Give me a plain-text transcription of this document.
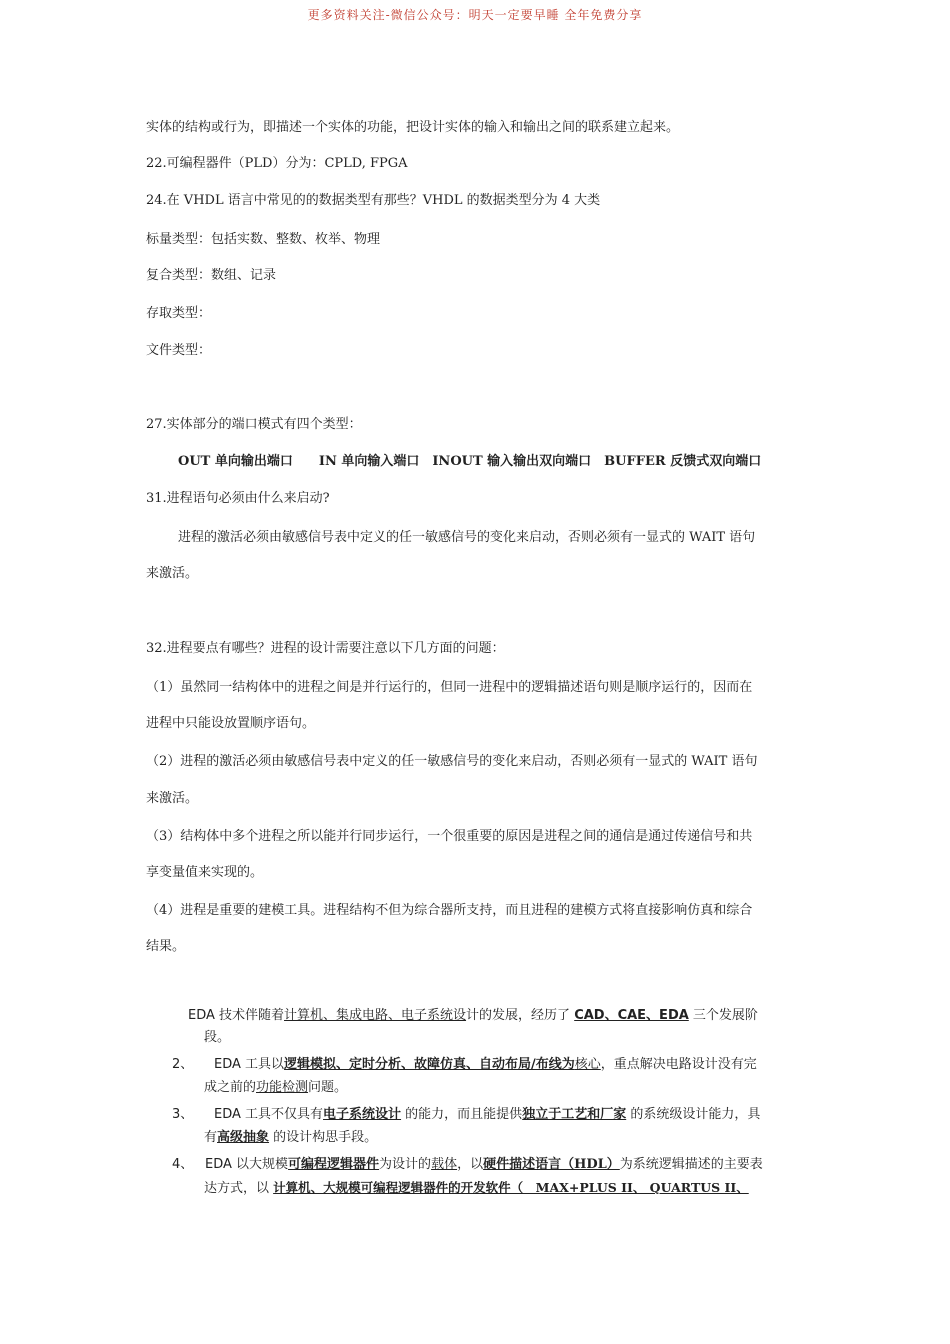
更多资料关注-微信公众号：明天一定要早睡 全年免费分享
实体的结构或行为，即描述一个实体的功能，把设计实体的输入和输出之间的联系建立起来。
22.可编程器件（PLD）分为：CPLD, FPGA
24.在 VHDL 语言中常见的的数据类型有那些？VHDL 的数据类型分为 4 大类
标量类型：包括实数、整数、枚举、物理
复合类型：数组、记录
存取类型：
文件类型：
27.实体部分的端口模式有四个类型：
OUT 单向输出端口　　IN 单向输入端口　INOUT 输入输出双向端口　BUFFER 反馈式双向端口
31.进程语句必须由什么来启动?
进程的激活必须由敏感信号表中定义的任一敏感信号的变化来启动，否则必须有一显式的 WAIT 语句
来激活。
32.进程要点有哪些？进程的设计需要注意以下几方面的问题：
（1）虽然同一结构体中的进程之间是并行运行的，但同一进程中的逻辑描述语句则是顺序运行的，因而在
进程中只能设放置顺序语句。
（2）进程的激活必须由敏感信号表中定义的任一敏感信号的变化来启动，否则必须有一显式的 WAIT 语句
来激活。
（3）结构体中多个进程之所以能并行同步运行，一个很重要的原因是进程之间的通信是通过传递信号和共
享变量值来实现的。
（4）进程是重要的建模工具。进程结构不但为综合器所支持，而且进程的建模方式将直接影响仿真和综合
结果。
EDA 技术伴随着计算机、集成电路、电子系统设计的发展，经历了 CAD、CAE、EDA 三个发展阶
段。
2、 EDA 工具以逻辑模拟、定时分析、故障仿真、自动布局/布线为核心，重点解决电路设计没有完
成之前的功能检测问题。
3、 EDA 工具不仅具有电子系统设计 的能力，而且能提供独立于工艺和厂家 的系统级设计能力，具
有高级抽象 的设计构思手段。
4、 EDA 以大规模可编程逻辑器件为设计的载体，以硬件描述语言（HDL）为系统逻辑描述的主要表
达方式，以 计算机、大规模可编程逻辑器件的开发软件（　MAX+PLUS II、 QUARTUS II、
